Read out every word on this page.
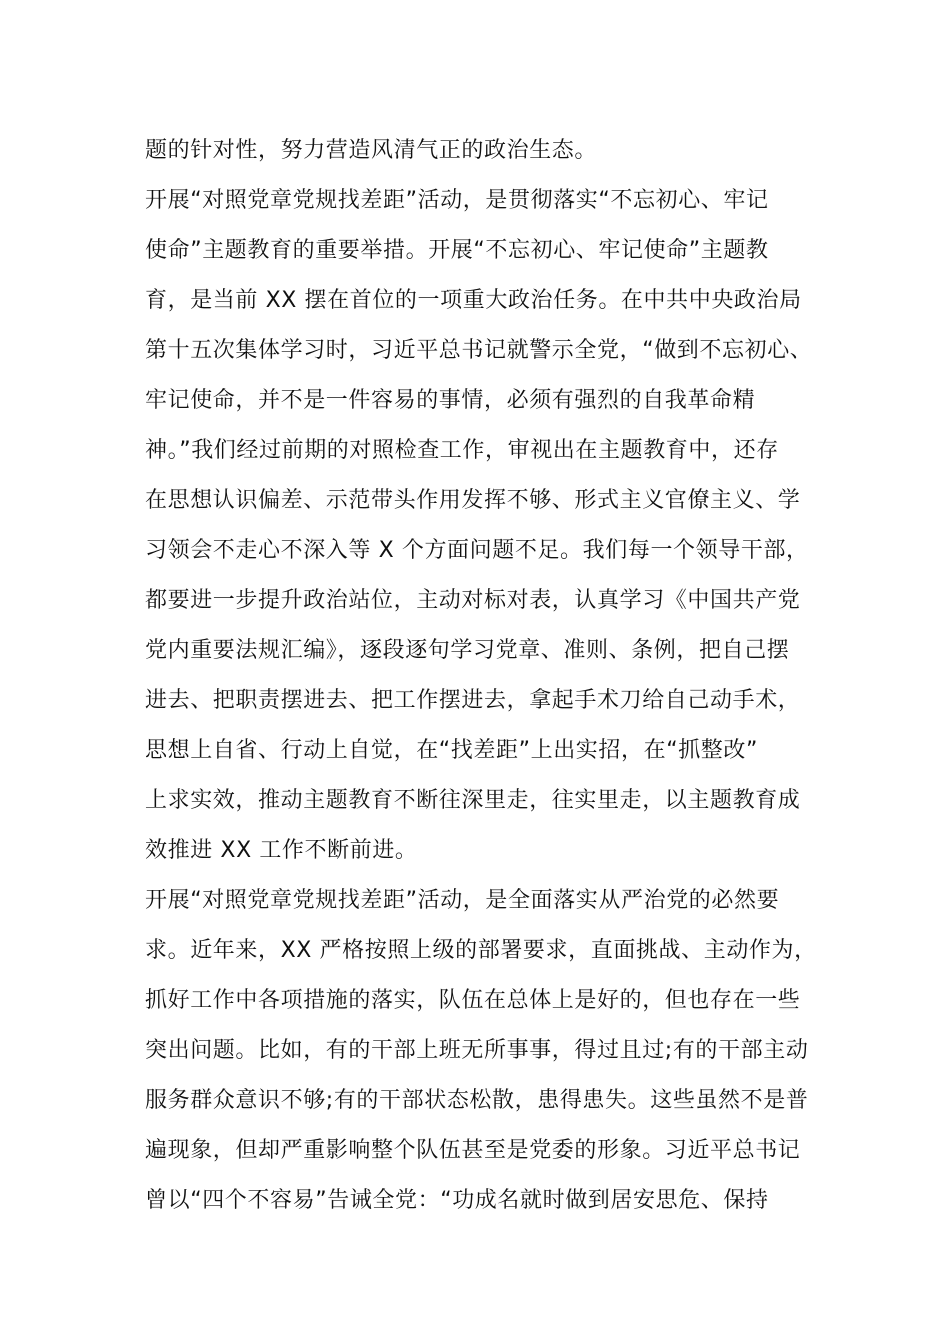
题的针对性，努力营造风清气正的政治生态。
开展“对照党章党规找差距”活动，是贯彻落实“不忘初心、牢记
使命”主题教育的重要举措。开展“不忘初心、牢记使命”主题教
育，是当前 XX 摆在首位的一项重大政治任务。在中共中央政治局
第十五次集体学习时，习近平总书记就警示全党，“做到不忘初心、
牢记使命，并不是一件容易的事情，必须有强烈的自我革命精
神。”我们经过前期的对照检查工作，审视出在主题教育中，还存
在思想认识偏差、示范带头作用发挥不够、形式主义官僚主义、学
习领会不走心不深入等 X 个方面问题不足。我们每一个领导干部，
都要进一步提升政治站位，主动对标对表，认真学习《中国共产党
党内重要法规汇编》，逐段逐句学习党章、准则、条例，把自己摆
进去、把职责摆进去、把工作摆进去，拿起手术刀给自己动手术，
思想上自省、行动上自觉，在“找差距”上出实招，在“抓整改”
上求实效，推动主题教育不断往深里走，往实里走，以主题教育成
效推进 XX 工作不断前进。
开展“对照党章党规找差距”活动，是全面落实从严治党的必然要
求。近年来，XX 严格按照上级的部署要求，直面挑战、主动作为，
抓好工作中各项措施的落实，队伍在总体上是好的，但也存在一些
突出问题。比如，有的干部上班无所事事，得过且过;有的干部主动
服务群众意识不够;有的干部状态松散，患得患失。这些虽然不是普
遍现象，但却严重影响整个队伍甚至是党委的形象。习近平总书记
曾以“四个不容易”告诫全党：“功成名就时做到居安思危、保持
